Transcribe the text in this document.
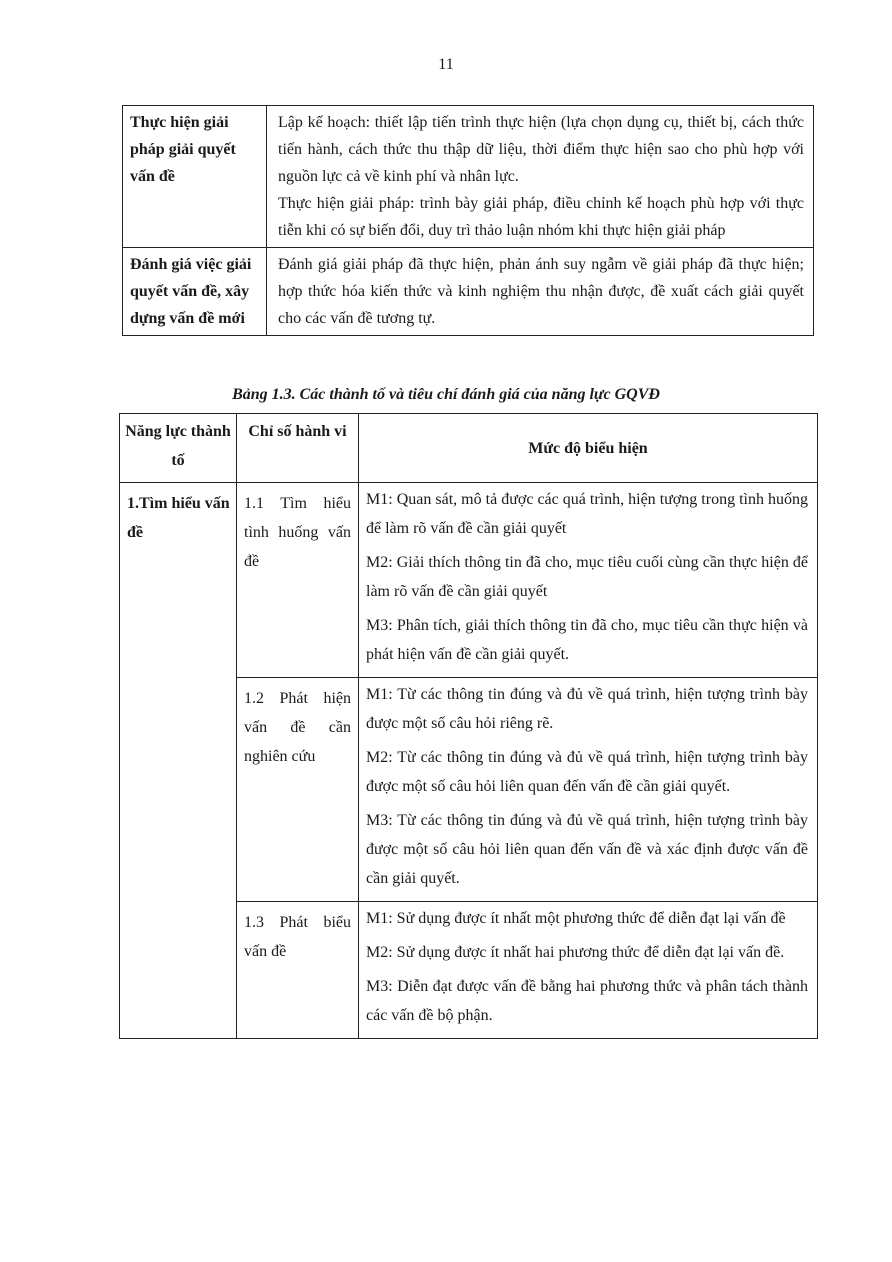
11
Thực hiện giải pháp giải quyết vấn đề	Lập kế hoạch: thiết lập tiến trình thực hiện (lựa chọn dụng cụ, thiết bị, cách thức tiến hành, cách thức thu thập dữ liệu, thời điểm thực hiện sao cho phù hợp với nguồn lực cả về kinh phí và nhân lực.

Thực hiện giải pháp: trình bày giải pháp, điều chỉnh kế hoạch phù hợp với thực tiễn khi có sự biến đổi, duy trì thảo luận nhóm khi thực hiện giải pháp

Đánh giá việc giải quyết vấn đề, xây dựng vấn đề mới	Đánh giá giải pháp đã thực hiện, phản ánh suy ngẫm về giải pháp đã thực hiện; hợp thức hóa kiến thức và kinh nghiệm thu nhận được, đề xuất cách giải quyết cho các vấn đề tương tự.

Bảng 1.3. Các thành tố và tiêu chí đánh giá của năng lực GQVĐ
Năng lực thành tố	Chỉ số hành vi	Mức độ biểu hiện
1.Tìm hiểu vấn đề	1.1 Tìm hiểu tình huống vấn đề	M1: Quan sát, mô tả được các quá trình, hiện tượng trong tình huống để làm rõ vấn đề cần giải quyết

M2: Giải thích thông tin đã cho, mục tiêu cuối cùng cần thực hiện để làm rõ vấn đề cần giải quyết

M3: Phân tích, giải thích thông tin đã cho, mục tiêu cần thực hiện và phát hiện vấn đề cần giải quyết.

	1.2 Phát hiện vấn đề cần nghiên cứu	M1: Từ các thông tin đúng và đủ về quá trình, hiện tượng trình bày được một số câu hỏi riêng rẽ.

M2: Từ các thông tin đúng và đủ về quá trình, hiện tượng trình bày được một số câu hỏi liên quan đến vấn đề cần giải quyết.

M3: Từ các thông tin đúng và đủ về quá trình, hiện tượng trình bày được một số câu hỏi liên quan đến vấn đề và xác định được vấn đề cần giải quyết.

	1.3 Phát biểu vấn đề	M1: Sử dụng được ít nhất một phương thức để diễn đạt lại vấn đề

M2: Sử dụng được ít nhất hai phương thức để diễn đạt lại vấn đề.

M3: Diễn đạt được vấn đề bằng hai phương thức và phân tách thành các vấn đề bộ phận.
